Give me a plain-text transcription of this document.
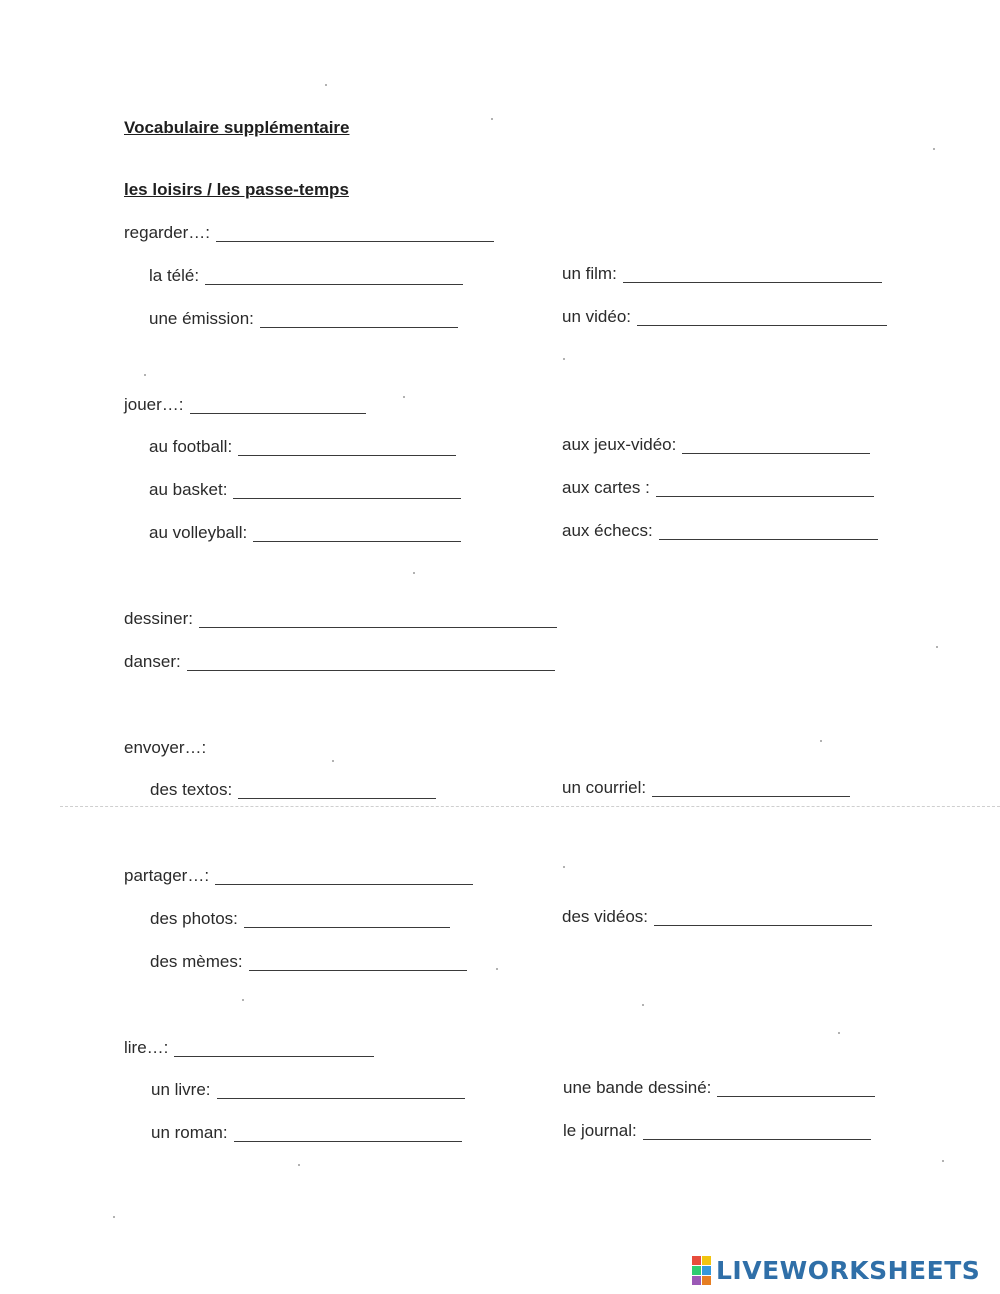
Vocabulaire supplémentaire
les loisirs / les passe-temps
regarder…:
la télé:	un film:
une émission:	un vidéo:
jouer…:
au football:	aux jeux-vidéo:
au basket:	aux cartes :
au volleyball:	aux échecs:
dessiner:
danser:
envoyer…:
des textos:	un courriel:
partager…:
des photos:	des vidéos:
des mèmes:
lire…:
un livre:	une bande dessiné:
un roman:	le journal:
LIVEWORKSHEETS
